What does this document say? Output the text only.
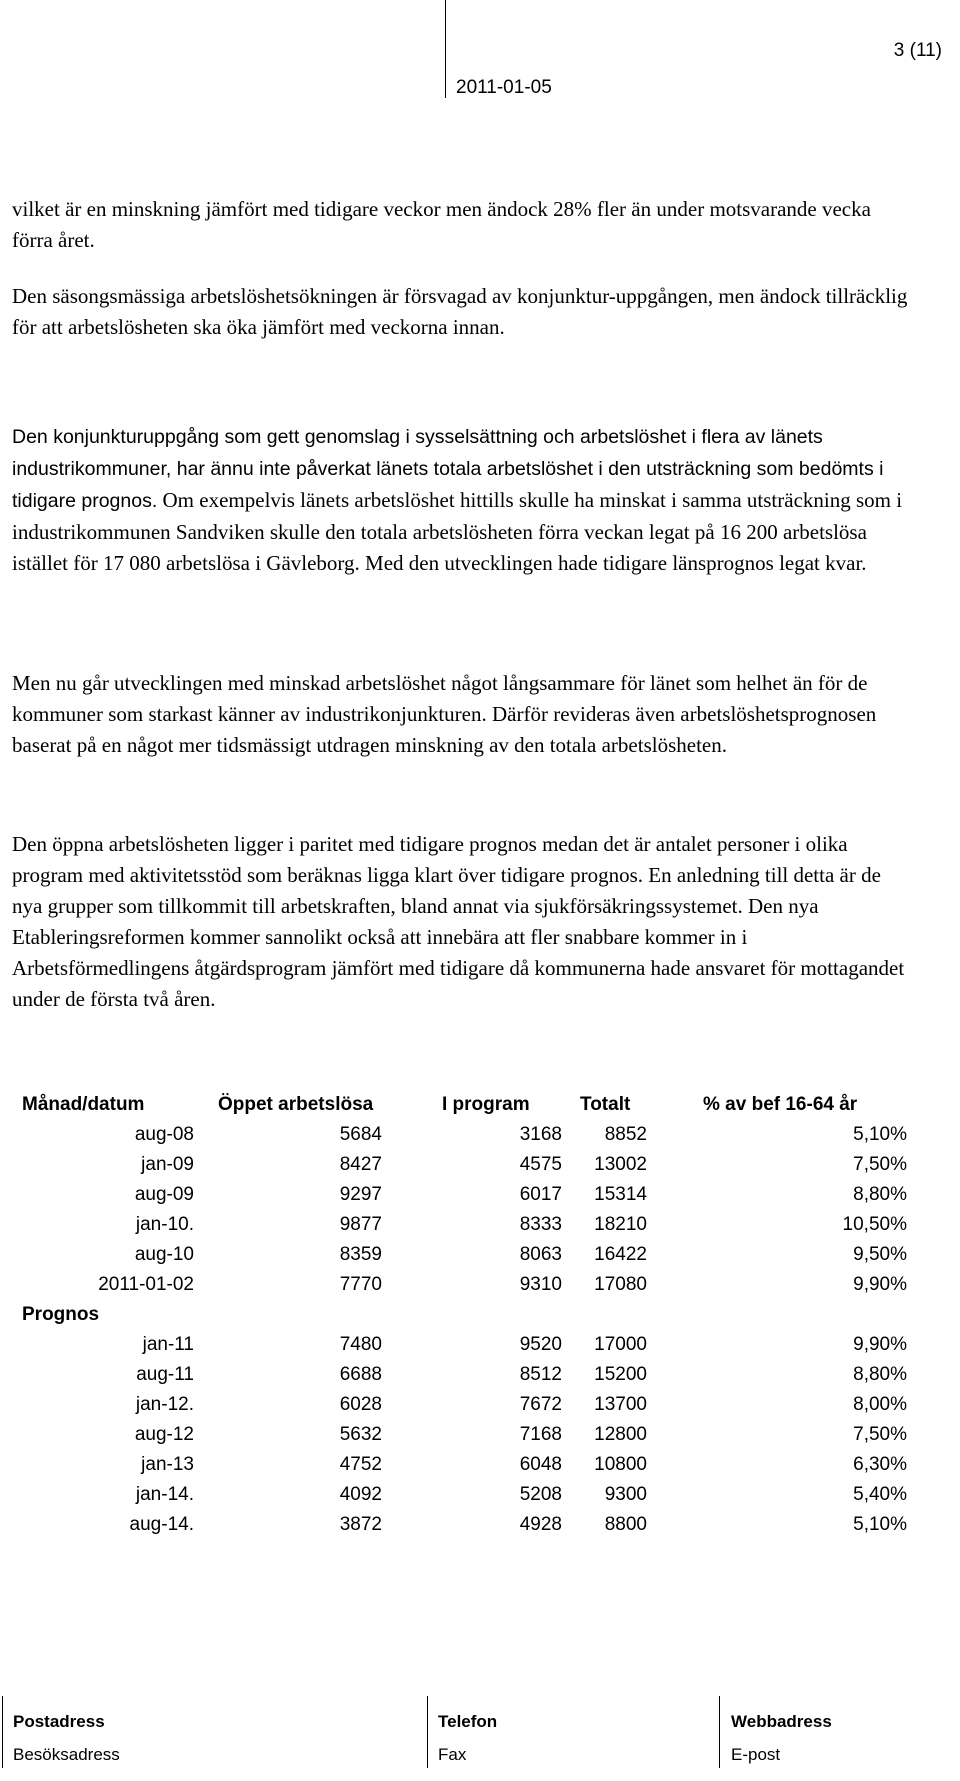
3 (11)
2011-01-05

vilket är en minskning jämfört med tidigare veckor men ändock 28% fler än under motsvarande vecka förra året.

Den säsongsmässiga arbetslöshetsökningen är försvagad av konjunktur-uppgången, men ändock tillräcklig för att arbetslösheten ska öka jämfört med veckorna innan.

Den konjunkturuppgång som gett genomslag i sysselsättning och arbetslöshet i flera av länets industrikommuner, har ännu inte påverkat länets totala arbetslöshet i den utsträckning som bedömts i tidigare prognos. Om exempelvis länets arbetslöshet hittills skulle ha minskat i samma utsträckning som i industrikommunen Sandviken skulle den totala arbetslösheten förra veckan legat på 16 200 arbetslösa istället för 17 080 arbetslösa i Gävleborg. Med den utvecklingen hade tidigare länsprognos legat kvar.

Men nu går utvecklingen med minskad arbetslöshet något långsammare för länet som helhet än för de kommuner som starkast känner av industrikonjunkturen. Därför revideras även arbetslöshetsprognosen baserat på en något mer tidsmässigt utdragen minskning av den totala arbetslösheten.

Den öppna arbetslösheten ligger i paritet med tidigare prognos medan det är antalet personer i olika program med aktivitetsstöd som beräknas ligga klart över tidigare prognos. En anledning till detta är de nya grupper som tillkommit till arbetskraften, bland annat via sjukförsäkringssystemet. Den nya Etableringsreformen kommer sannolikt också att innebära att fler snabbare kommer in i Arbetsförmedlingens åtgärdsprogram jämfört med tidigare då kommunerna hade ansvaret för mottagandet under de första två åren.

Månad/datum	Öppet arbetslösa	I program	Totalt	% av bef 16-64 år
aug-08	5684	3168	8852	5,10%
jan-09	8427	4575	13002	7,50%
aug-09	9297	6017	15314	8,80%
jan-10.	9877	8333	18210	10,50%
aug-10	8359	8063	16422	9,50%
2011-01-02	7770	9310	17080	9,90%
Prognos				
jan-11	7480	9520	17000	9,90%
aug-11	6688	8512	15200	8,80%
jan-12.	6028	7672	13700	8,00%
aug-12	5632	7168	12800	7,50%
jan-13	4752	6048	10800	6,30%
jan-14.	4092	5208	9300	5,40%
aug-14.	3872	4928	8800	5,10%
Postadress
Besöksadress
Telefon
Fax
Webbadress
E-post
